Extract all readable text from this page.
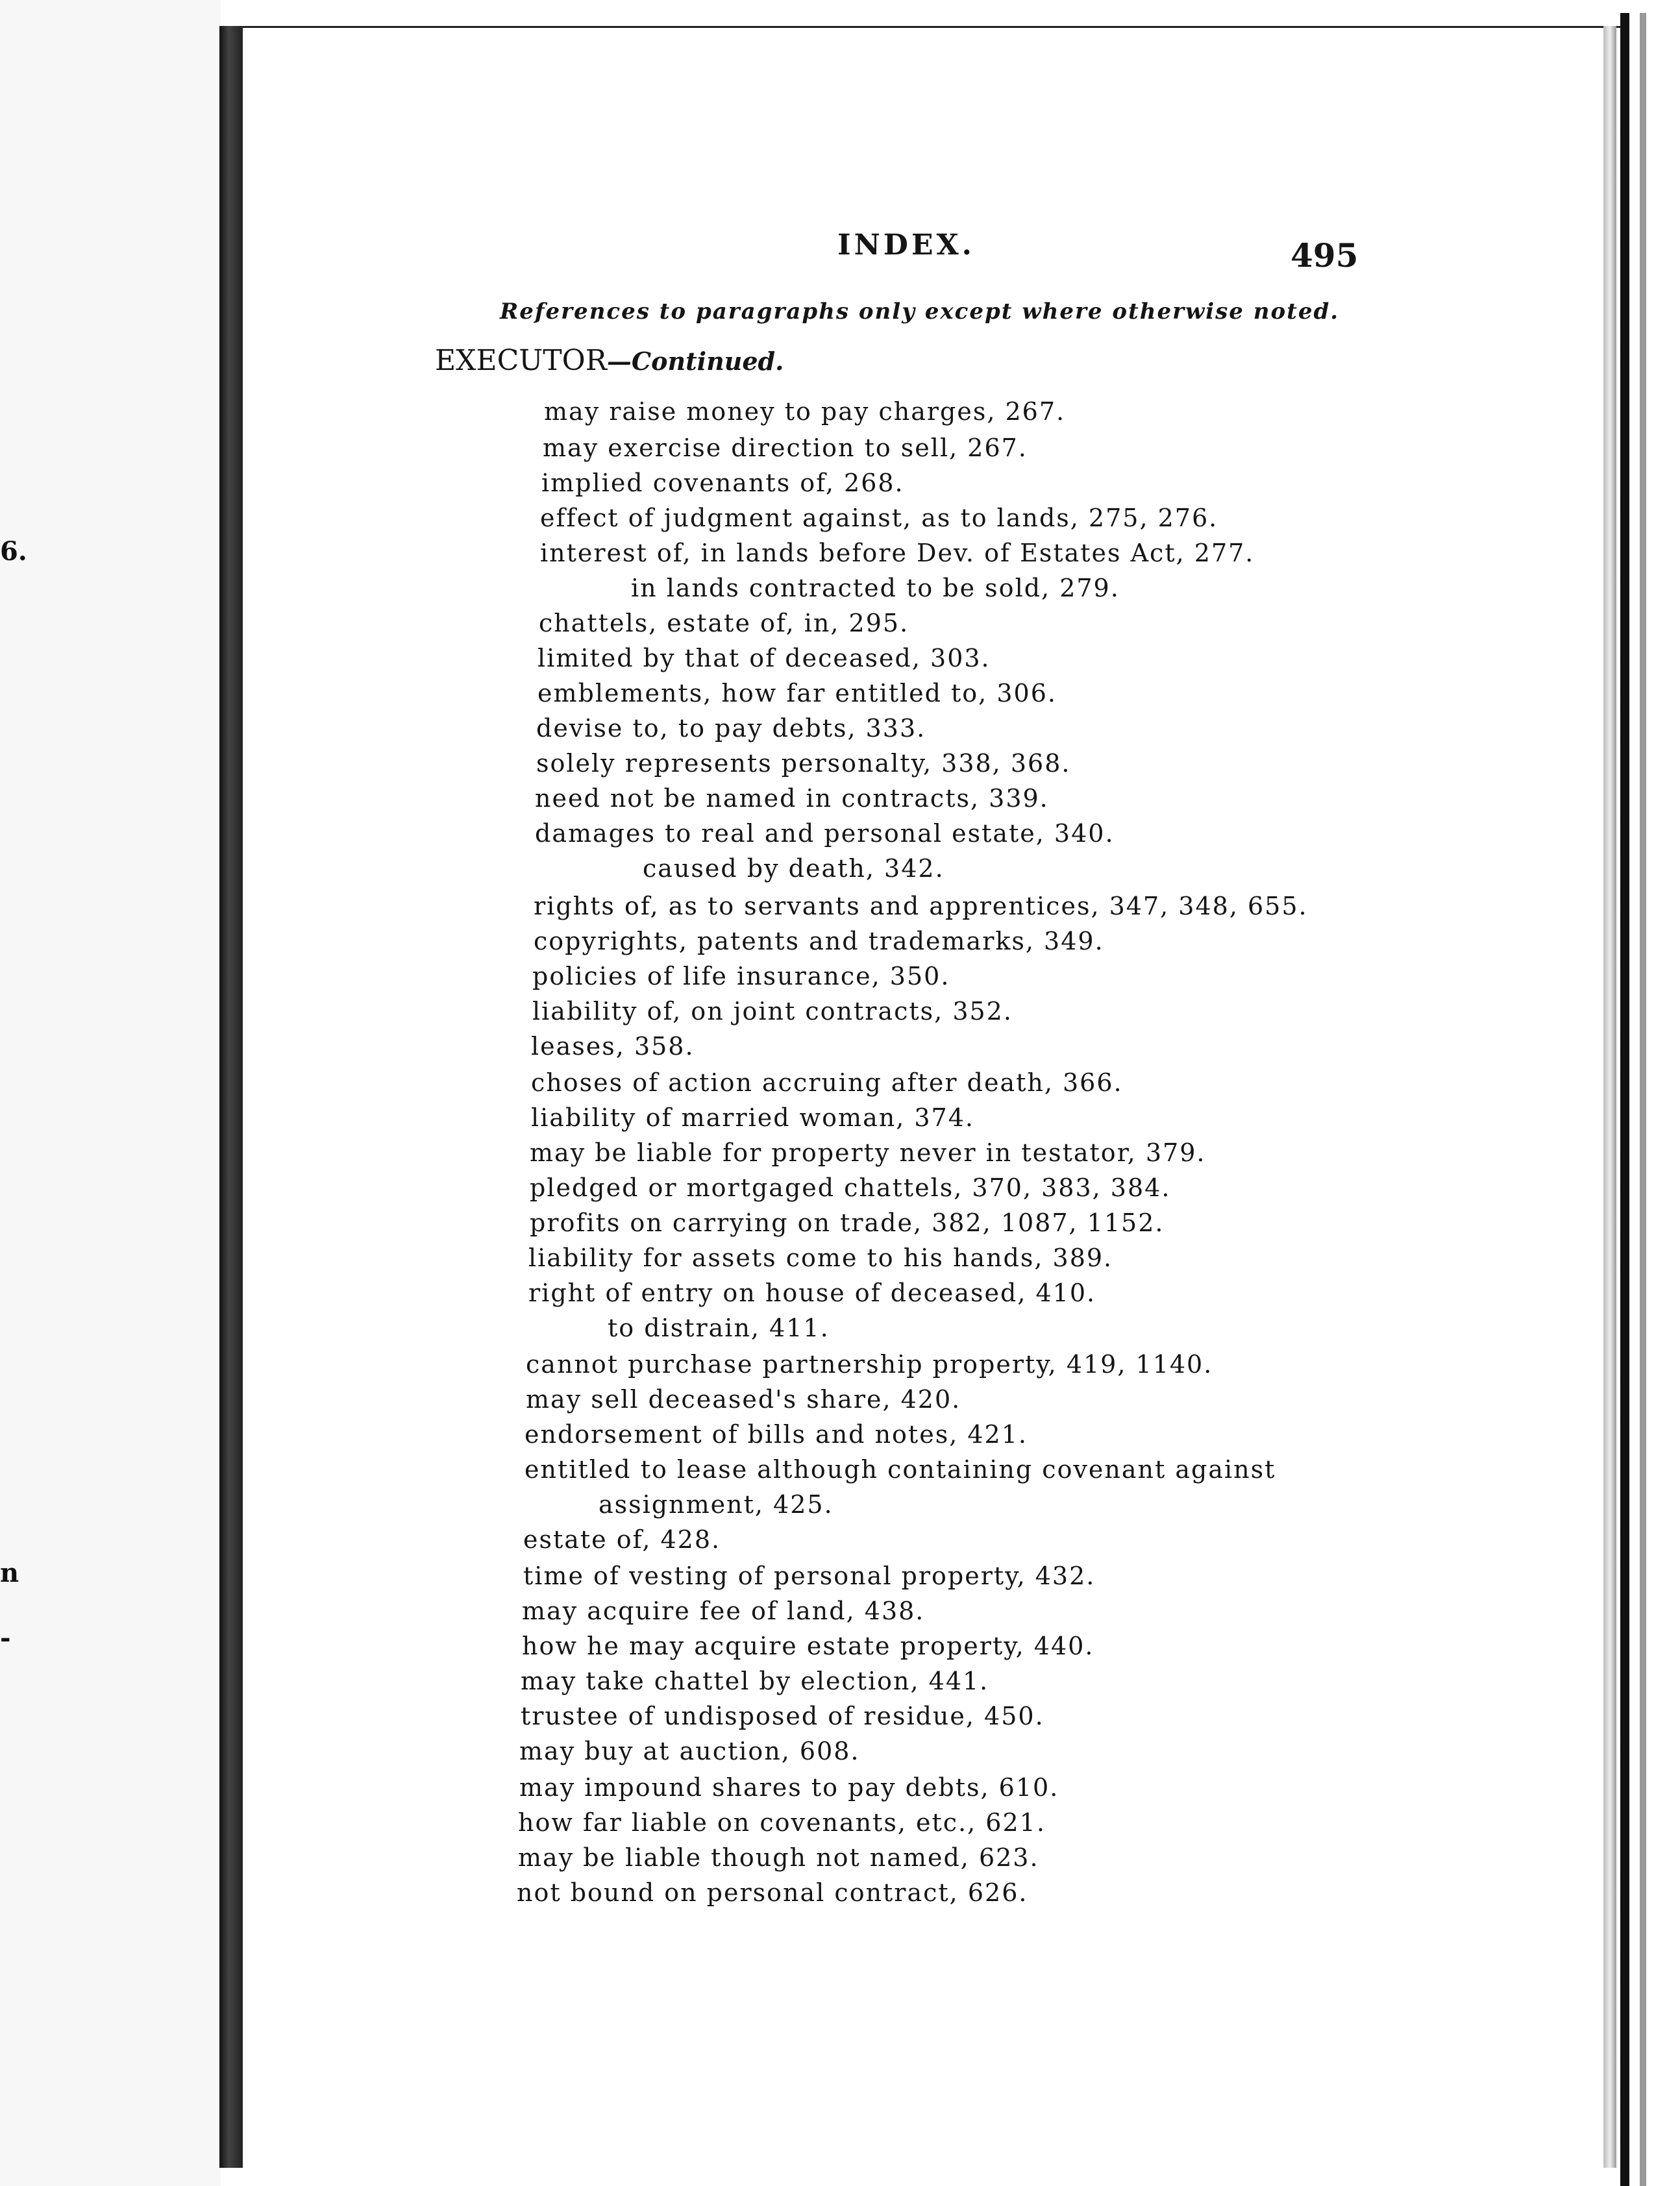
6.
n
-
INDEX.	495
References to paragraphs only except where otherwise noted.
EXECUTOR—Continued.
may raise money to pay charges, 267.
may exercise direction to sell, 267.
implied covenants of, 268.
effect of judgment against, as to lands, 275, 276.
interest of, in lands before Dev. of Estates Act, 277.
in lands contracted to be sold, 279.
chattels, estate of, in, 295.
limited by that of deceased, 303.
emblements, how far entitled to, 306.
devise to, to pay debts, 333.
solely represents personalty, 338, 368.
need not be named in contracts, 339.
damages to real and personal estate, 340.
caused by death, 342.
rights of, as to servants and apprentices, 347, 348, 655.
copyrights, patents and trademarks, 349.
policies of life insurance, 350.
liability of, on joint contracts, 352.
leases, 358.
choses of action accruing after death, 366.
liability of married woman, 374.
may be liable for property never in testator, 379.
pledged or mortgaged chattels, 370, 383, 384.
profits on carrying on trade, 382, 1087, 1152.
liability for assets come to his hands, 389.
right of entry on house of deceased, 410.
to distrain, 411.
cannot purchase partnership property, 419, 1140.
may sell deceased's share, 420.
endorsement of bills and notes, 421.
entitled to lease although containing covenant against
assignment, 425.
estate of, 428.
time of vesting of personal property, 432.
may acquire fee of land, 438.
how he may acquire estate property, 440.
may take chattel by election, 441.
trustee of undisposed of residue, 450.
may buy at auction, 608.
may impound shares to pay debts, 610.
how far liable on covenants, etc., 621.
may be liable though not named, 623.
not bound on personal contract, 626.
